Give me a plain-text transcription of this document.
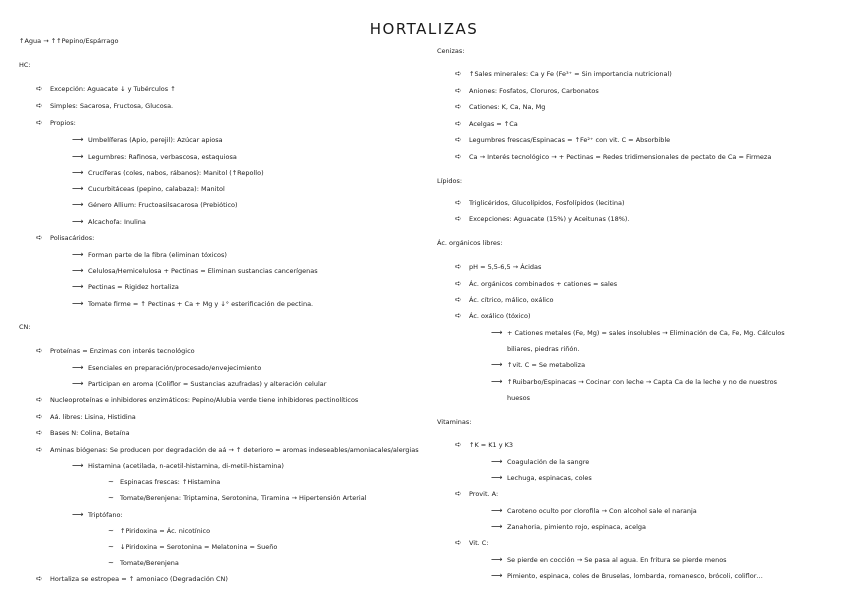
HORTALIZAS
↑Agua → ↑↑Pepino/Espárrago
HC:
➪ Excepción: Aguacate ↓ y Tubérculos ↑
➪ Simples: Sacarosa, Fructosa, Glucosa.
➪ Propios:
⟶ Umbelíferas (Apio, perejil): Azúcar apiosa
⟶ Legumbres: Rafinosa, verbascosa, estaquiosa
⟶ Crucíferas (coles, nabos, rábanos): Manitol (↑Repollo)
⟶ Cucurbitáceas (pepino, calabaza): Manitol
⟶ Género Allium: Fructoasilsacarosa (Prebiótico)
⟶ Alcachofa: Inulina
➪ Polisacáridos:
⟶ Forman parte de la fibra (eliminan tóxicos)
⟶ Celulosa/Hemicelulosa + Pectinas = Eliminan sustancias cancerígenas
⟶ Pectinas = Rigidez hortaliza
⟶ Tomate firme = ↑ Pectinas + Ca + Mg y ↓° esterificación de pectina.
CN:
➪ Proteínas = Enzimas con interés tecnológico
⟶ Esenciales en preparación/procesado/envejecimiento
⟶ Participan en aroma (Coliflor = Sustancias azufradas) y alteración celular
➪ Nucleoproteínas e inhibidores enzimáticos: Pepino/Alubia verde tiene inhibidores pectinolíticos
➪ Aá. libres: Lisina, Histidina
➪ Bases N: Colina, Betaína
➪ Aminas biógenas: Se producen por degradación de aá → ↑ deterioro = aromas indeseables/amoniacales/alergias
⟶ Histamina (acetilada, n-acetil-histamina, di-metil-histamina)
~ Espinacas frescas: ↑Histamina
~ Tomate/Berenjena: Triptamina, Serotonina, Tiramina → Hipertensión Arterial
⟶ Triptófano:
~ ↑Piridoxina = Ác. nicotínico
~ ↓Piridoxina = Serotonina = Melatonina = Sueño
~ Tomate/Berenjena
➪ Hortaliza se estropea = ↑ amoniaco (Degradación CN)
Cenizas:
➪ ↑Sales minerales: Ca y Fe (Fe³⁺ = Sin importancia nutricional)
➪ Aniones: Fosfatos, Cloruros, Carbonatos
➪ Cationes: K, Ca, Na, Mg
➪ Acelgas = ↑Ca
➪ Legumbres frescas/Espinacas = ↑Fe²⁺ con vit. C = Absorbible
➪ Ca → Interés tecnológico → + Pectinas = Redes tridimensionales de pectato de Ca = Firmeza
Lípidos:
➪ Triglicéridos, Glucolípidos, Fosfolípidos (lecitina)
➪ Excepciones: Aguacate (15%) y Aceitunas (18%).
Ác. orgánicos libres:
➪ pH = 5,5-6,5 → Ácidas
➪ Ác. orgánicos combinados + cationes = sales
➪ Ác. cítrico, málico, oxálico
➪ Ác. oxálico (tóxico)
⟶ + Cationes metales (Fe, Mg) = sales insolubles → Eliminación de Ca, Fe, Mg. Cálculos
biliares, piedras riñón.
⟶ ↑vit. C = Se metaboliza
⟶ ↑Ruibarbo/Espinacas → Cocinar con leche → Capta Ca de la leche y no de nuestros
huesos
Vitaminas:
➪ ↑K = K1 y K3
⟶ Coagulación de la sangre
⟶ Lechuga, espinacas, coles
➪ Provit. A:
⟶ Caroteno oculto por clorofila → Con alcohol sale el naranja
⟶ Zanahoria, pimiento rojo, espinaca, acelga
➪ Vit. C:
⟶ Se pierde en cocción → Se pasa al agua. En fritura se pierde menos
⟶ Pimiento, espinaca, coles de Bruselas, lombarda, romanesco, brócoli, coliflor…
